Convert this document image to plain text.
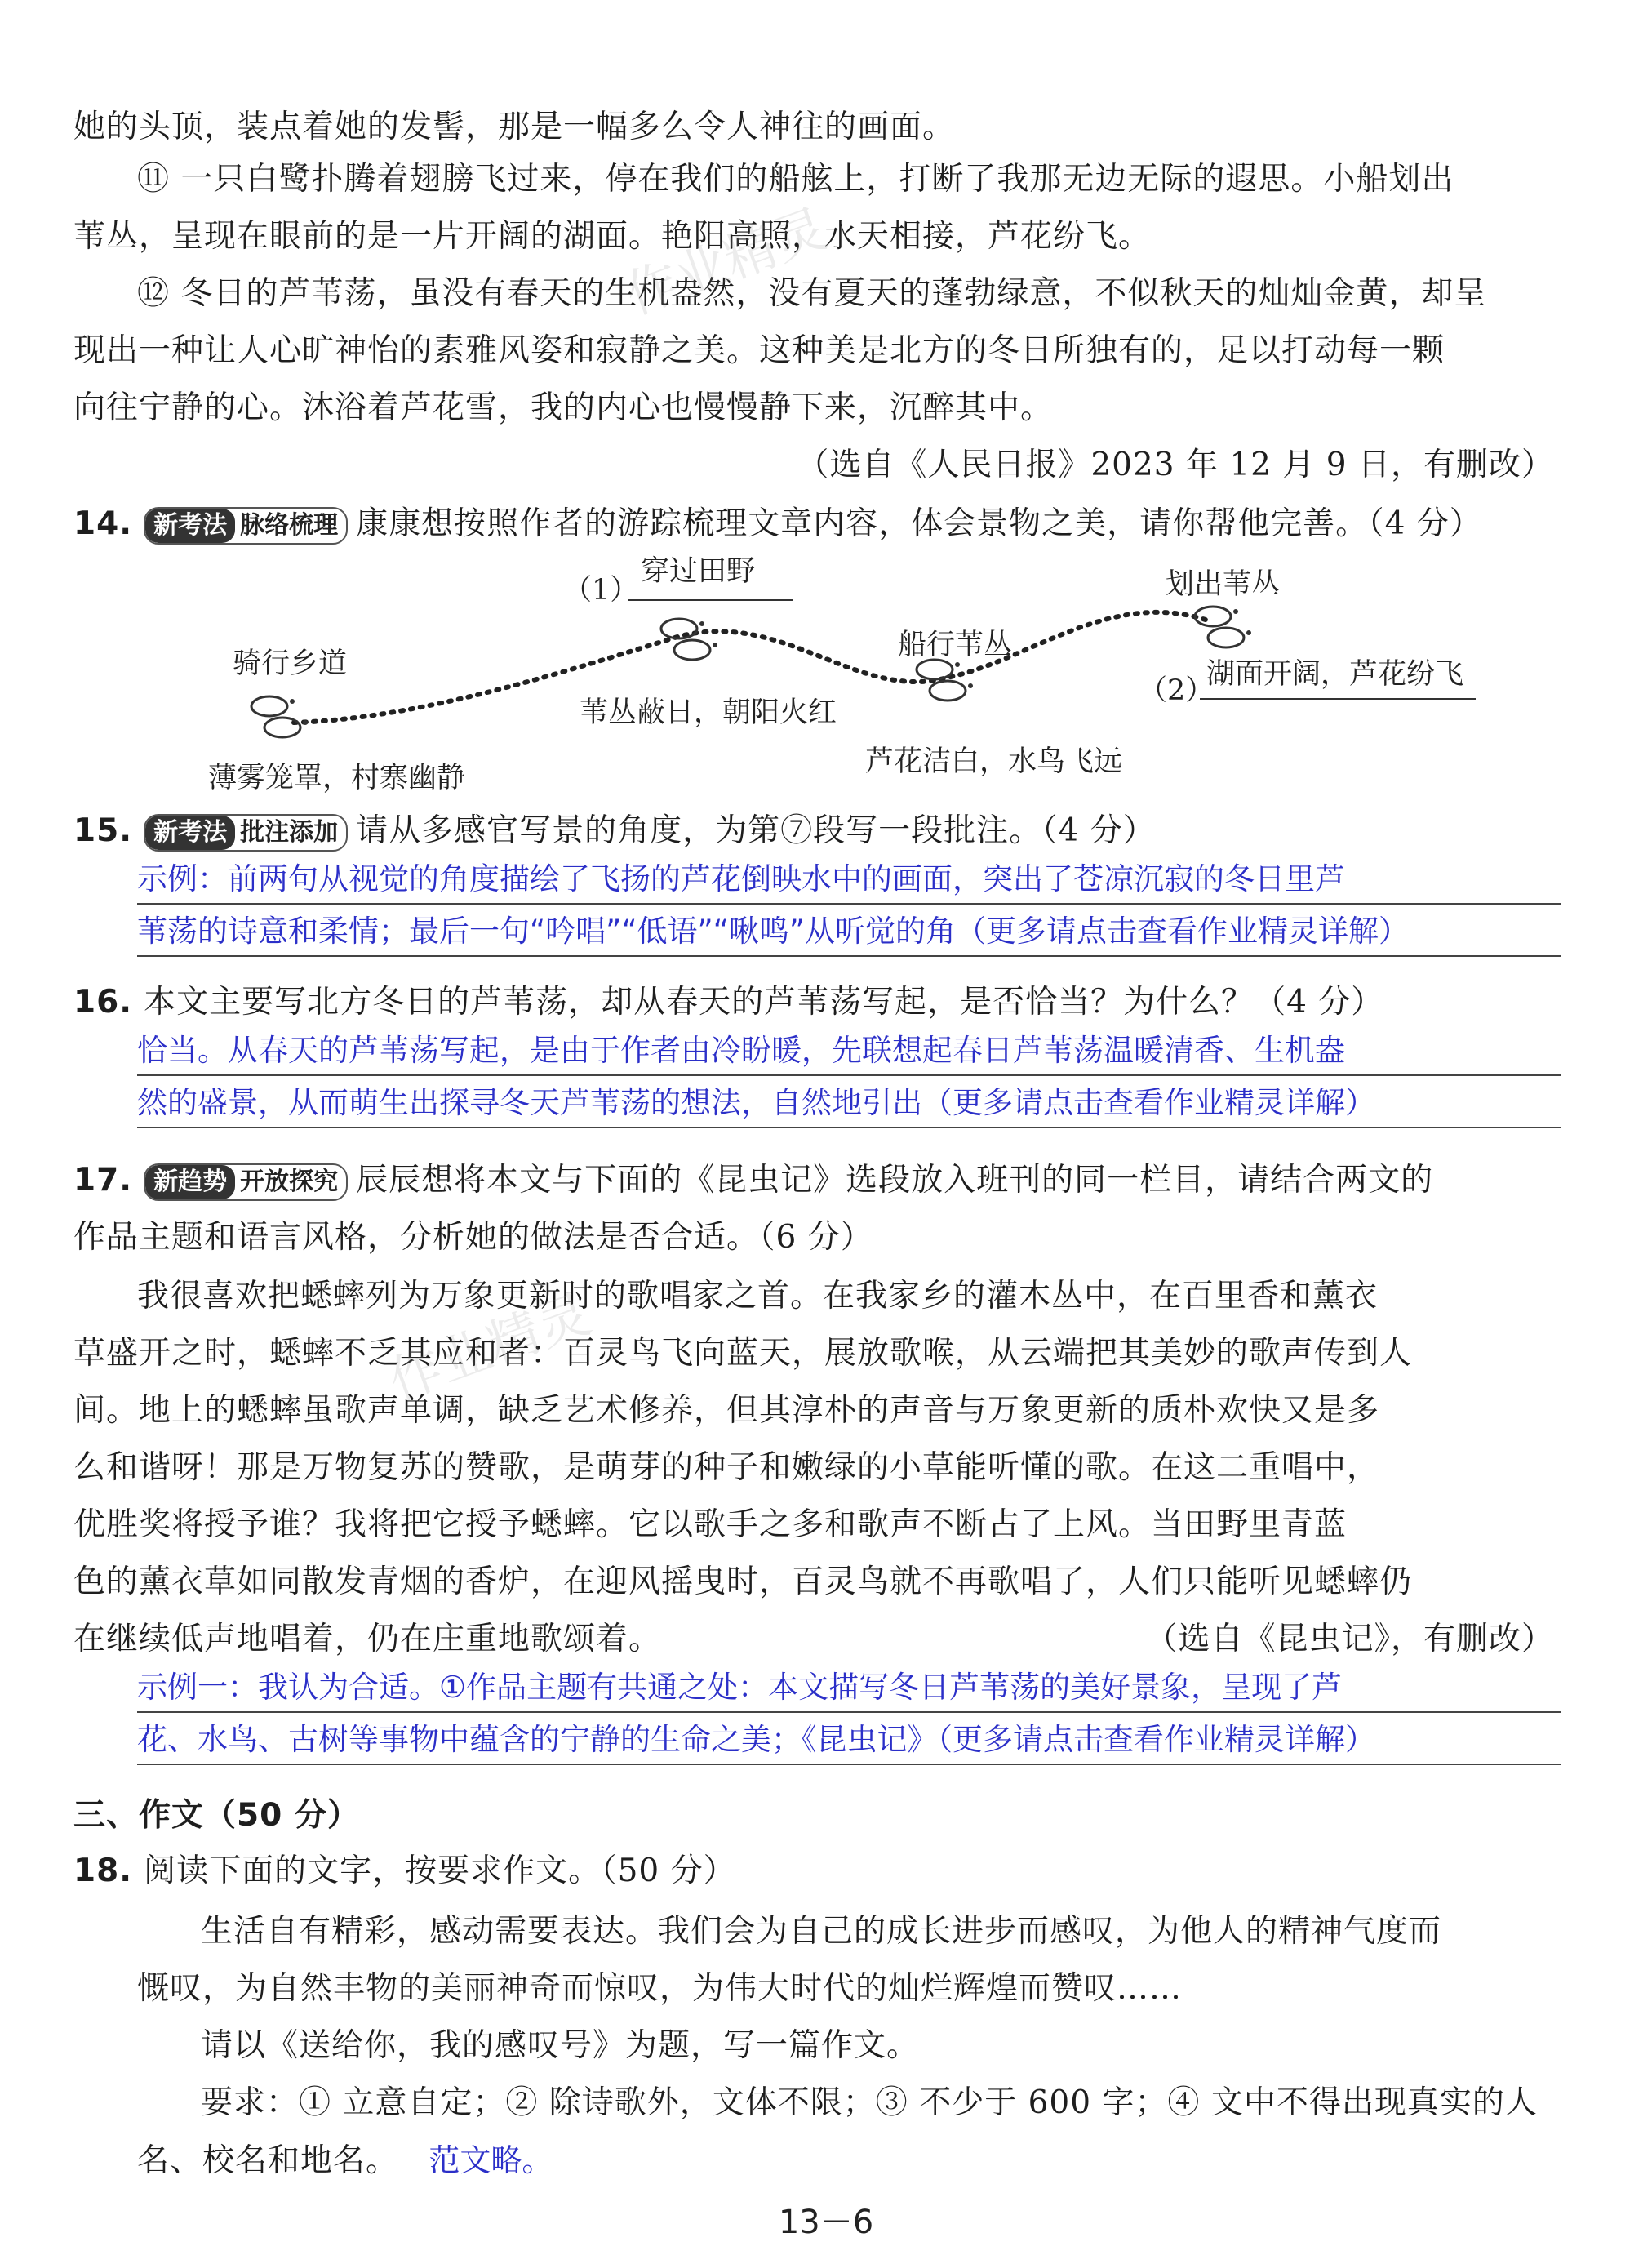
她的头顶，装点着她的发髻，那是一幅多么令人神往的画面。
⑪ 一只白鹭扑腾着翅膀飞过来，停在我们的船舷上，打断了我那无边无际的遐思。小船划出
苇丛，呈现在眼前的是一片开阔的湖面。艳阳高照，水天相接，芦花纷飞。
⑫ 冬日的芦苇荡，虽没有春天的生机盎然，没有夏天的蓬勃绿意，不似秋天的灿灿金黄，却呈
现出一种让人心旷神怡的素雅风姿和寂静之美。这种美是北方的冬日所独有的，足以打动每一颗
向往宁静的心。沐浴着芦花雪，我的内心也慢慢静下来，沉醉其中。
（选自《人民日报》2023 年 12 月 9 日，有删改）
作业精灵
14. 新考法 脉络梳理 康康想按照作者的游踪梳理文章内容，体会景物之美，请你帮他完善。（4 分）
（1）
穿过田野
骑行乡道
薄雾笼罩，村寨幽静
苇丛蔽日，朝阳火红
船行苇丛
芦花洁白，水鸟飞远
划出苇丛
（2）
湖面开阔，芦花纷飞
15. 新考法 批注添加 请从多感官写景的角度，为第⑦段写一段批注。（4 分）
示例：前两句从视觉的角度描绘了飞扬的芦花倒映水中的画面，突出了苍凉沉寂的冬日里芦
苇荡的诗意和柔情；最后一句“吟唱”“低语”“啾鸣”从听觉的角（更多请点击查看作业精灵详解）
16. 本文主要写北方冬日的芦苇荡，却从春天的芦苇荡写起，是否恰当？为什么？（4 分）
恰当。从春天的芦苇荡写起，是由于作者由冷盼暖，先联想起春日芦苇荡温暖清香、生机盎
然的盛景，从而萌生出探寻冬天芦苇荡的想法，自然地引出（更多请点击查看作业精灵详解）
17. 新趋势 开放探究 辰辰想将本文与下面的《昆虫记》选段放入班刊的同一栏目，请结合两文的
作品主题和语言风格，分析她的做法是否合适。（6 分）
我很喜欢把蟋蟀列为万象更新时的歌唱家之首。在我家乡的灌木丛中，在百里香和薰衣
草盛开之时，蟋蟀不乏其应和者：百灵鸟飞向蓝天，展放歌喉，从云端把其美妙的歌声传到人
间。地上的蟋蟀虽歌声单调，缺乏艺术修养，但其淳朴的声音与万象更新的质朴欢快又是多
么和谐呀！那是万物复苏的赞歌，是萌芽的种子和嫩绿的小草能听懂的歌。在这二重唱中，
优胜奖将授予谁？我将把它授予蟋蟀。它以歌手之多和歌声不断占了上风。当田野里青蓝
色的薰衣草如同散发青烟的香炉，在迎风摇曳时，百灵鸟就不再歌唱了，人们只能听见蟋蟀仍
在继续低声地唱着，仍在庄重地歌颂着。	（选自《昆虫记》，有删改）
作业精灵
示例一：我认为合适。①作品主题有共通之处：本文描写冬日芦苇荡的美好景象，呈现了芦
花、水鸟、古树等事物中蕴含的宁静的生命之美；《昆虫记》（更多请点击查看作业精灵详解）
三、作文（50 分）
18. 阅读下面的文字，按要求作文。（50 分）
生活自有精彩，感动需要表达。我们会为自己的成长进步而感叹，为他人的精神气度而
慨叹，为自然丰物的美丽神奇而惊叹，为伟大时代的灿烂辉煌而赞叹……
请以《送给你，我的感叹号》为题，写一篇作文。
要求：① 立意自定；② 除诗歌外，文体不限；③ 不少于 600 字；④ 文中不得出现真实的人
名、校名和地名。 范文略。
13－6
